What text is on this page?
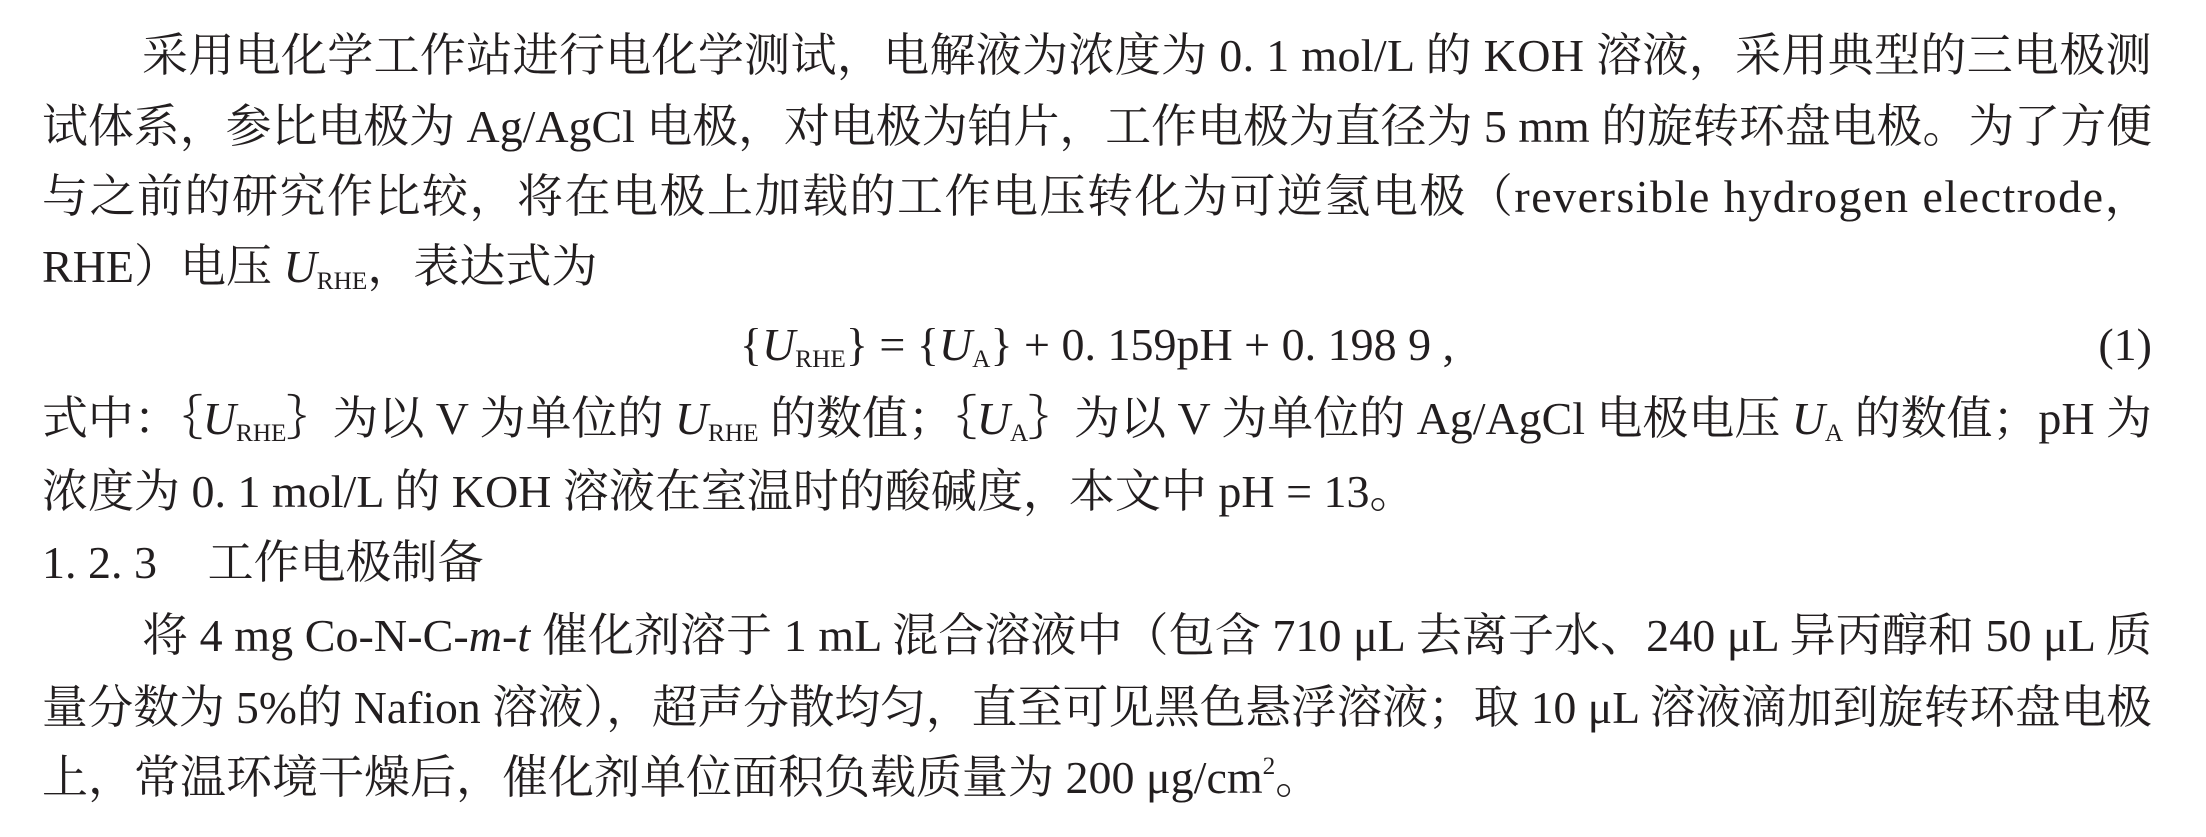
采用电化学工作站进行电化学测试，电解液为浓度为 0. 1 mol/L 的 KOH 溶液，采用典型的三电极测
试体系，参比电极为 Ag/AgCl 电极，对电极为铂片，工作电极为直径为 5 mm 的旋转环盘电极。为了方便
与之前的研究作比较，将在电极上加载的工作电压转化为可逆氢电极（reversible hydrogen electrode，
RHE）电压 $U_{RHE}$，表达式为
$\{U_{RHE}\} = \{U_A\} + 0$. 159pH + 0. 198 9 ,	(1)
式中：$\{U_{RHE}\}$为以 V 为单位的 $U_{RHE}$ 的数值；$\{U_A\}$为以 V 为单位的 Ag/AgCl 电极电压 $U_A$ 的数值；pH 为
浓度为 0. 1 mol/L 的 KOH 溶液在室温时的酸碱度，本文中 pH = 13。
1. 2. 3 工作电极制备
将 4 mg Co-N-C-m-t 催化剂溶于 1 mL 混合溶液中（包含 710 μL 去离子水、240 μL 异丙醇和 50 μL 质
量分数为 5%的 Nafion 溶液），超声分散均匀，直至可见黑色悬浮溶液；取 10 μL 溶液滴加到旋转环盘电极
上，常温环境干燥后，催化剂单位面积负载质量为 200 $\mu g/cm^2$。
